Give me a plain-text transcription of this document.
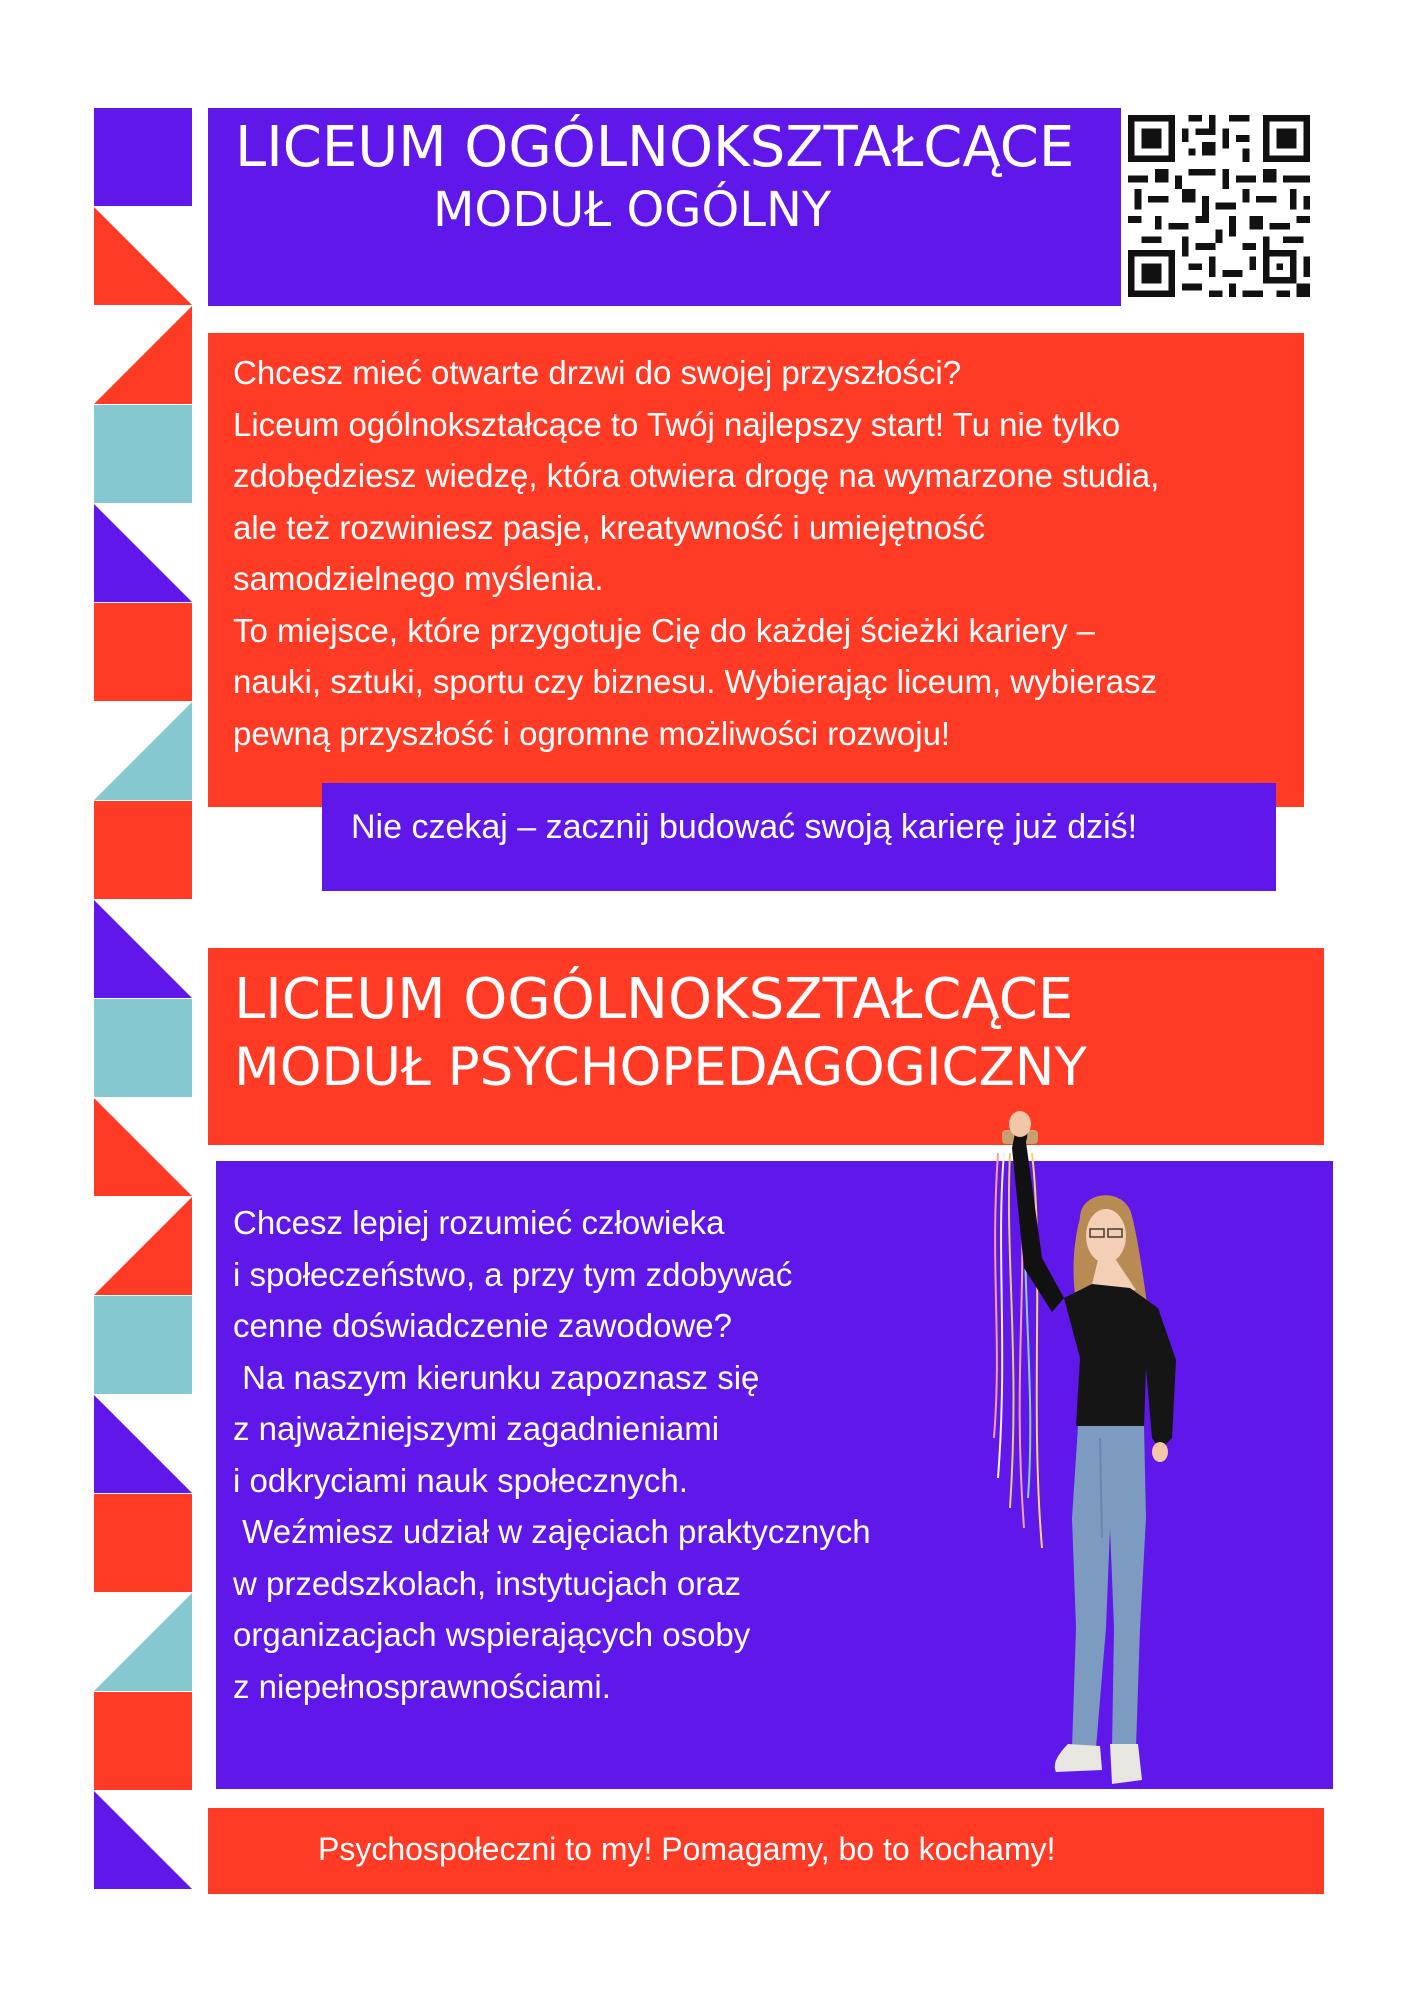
LICEUM OGÓLNOKSZTAŁCĄCE

MODUŁ OGÓLNY

Chcesz mieć otwarte drzwi do swojej przyszłości?

Liceum ogólnokształcące to Twój najlepszy start! Tu nie tylko

zdobędziesz wiedzę, która otwiera drogę na wymarzone studia,

ale też rozwiniesz pasje, kreatywność i umiejętność

samodzielnego myślenia.

To miejsce, które przygotuje Cię do każdej ścieżki kariery –

nauki, sztuki, sportu czy biznesu. Wybierając liceum, wybierasz

pewną przyszłość i ogromne możliwości rozwoju!

Nie czekaj – zacznij budować swoją karierę już dziś!

LICEUM OGÓLNOKSZTAŁCĄCE

MODUŁ PSYCHOPEDAGOGICZNY

Chcesz lepiej rozumieć człowieka

i społeczeństwo, a przy tym zdobywać

cenne doświadczenie zawodowe?

Na naszym kierunku zapoznasz się

z najważniejszymi zagadnieniami

i odkryciami nauk społecznych.

Weźmiesz udział w zajęciach praktycznych

w przedszkolach, instytucjach oraz

organizacjach wspierających osoby

z niepełnosprawnościami.

Psychospołeczni to my! Pomagamy, bo to kochamy!
